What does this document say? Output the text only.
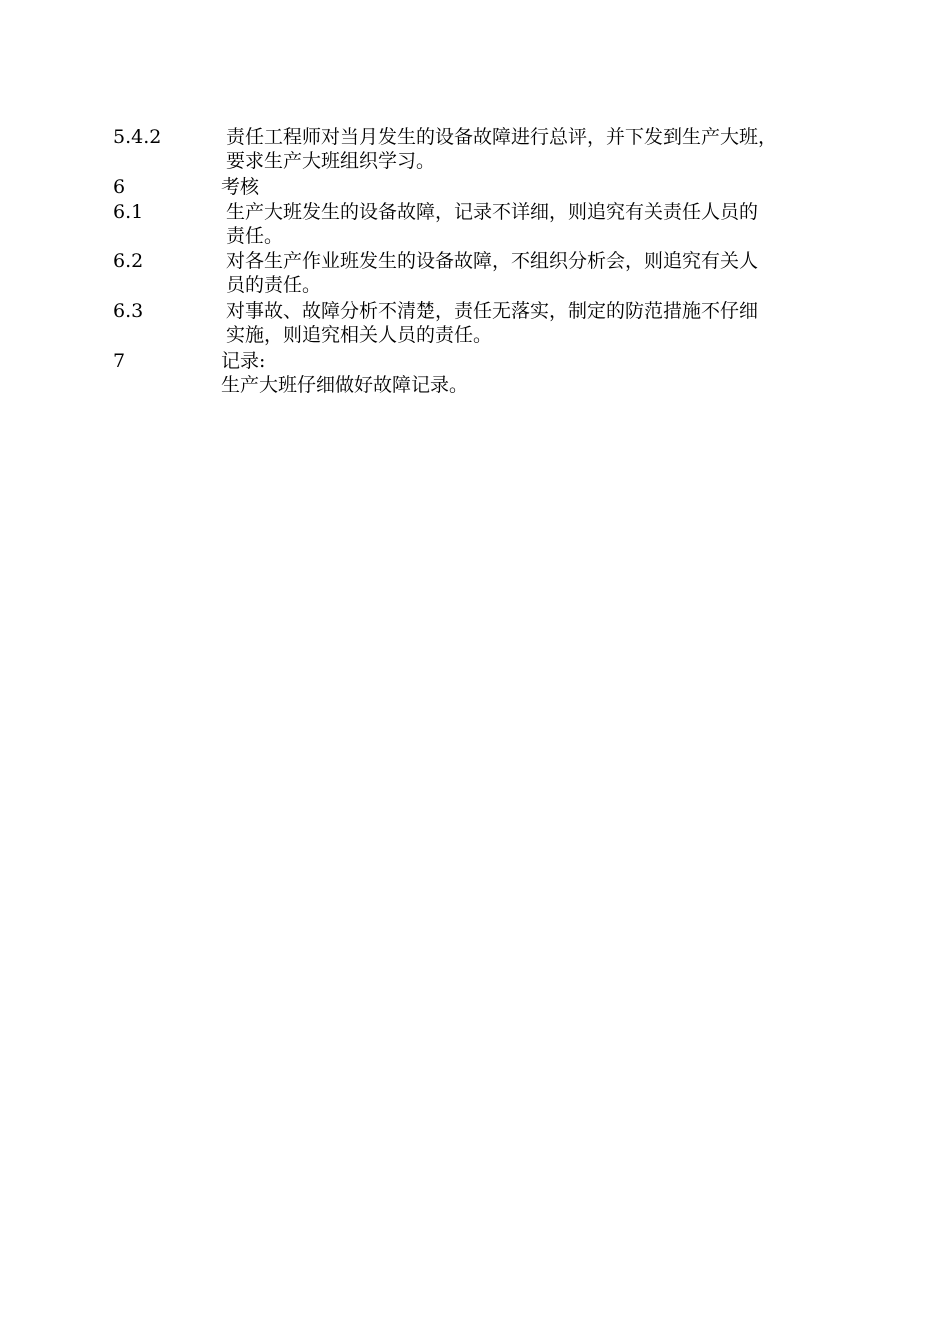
5.4.2	责任工程师对当月发生的设备故障进行总评，并下发到生产大班，
要求生产大班组织学习。
6	考核
6.1	生产大班发生的设备故障，记录不详细，则追究有关责任人员的
责任。
6.2	对各生产作业班发生的设备故障，不组织分析会，则追究有关人
员的责任。
6.3	对事故、故障分析不清楚，责任无落实，制定的防范措施不仔细
实施，则追究相关人员的责任。
7	记录:
生产大班仔细做好故障记录。
